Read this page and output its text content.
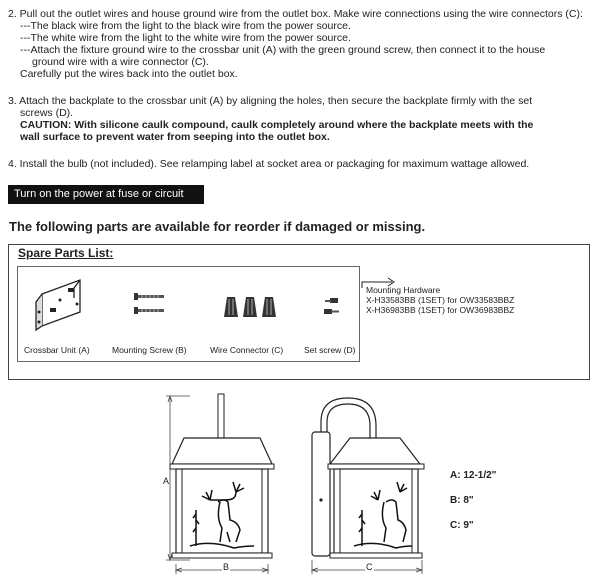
2. Pull out the outlet wires and house ground wire from the outlet box. Make wire connections using the wire connectors (C):
---The black wire from the light to the black wire from the power source.
---The white wire from the light to the white wire from the power source.
---Attach the fixture ground wire to the crossbar unit (A) with the green ground screw, then connect it to the house
ground wire with a wire connector (C).
Carefully put the wires back into the outlet box.
3. Attach the backplate to the crossbar unit (A) by aligning the holes, then secure the backplate firmly with the set
screws (D).
CAUTION: With silicone caulk compound, caulk completely around where the backplate meets with the
wall surface to prevent water from seeping into the outlet box.
4. Install the bulb (not included). See relamping label at socket area or packaging for maximum wattage allowed.
Turn on the power at fuse or circuit box.
The following parts are available for reorder if damaged or missing.
Spare Parts List:
Crossbar Unit (A)	Mounting Screw (B)	Wire Connector (C) Set screw (D)
Mounting Hardware
X-H33583BB (1SET) for OW33583BBZ
X-H36983BB (1SET) for OW36983BBZ
A
B	C
A: 12-1/2"
B: 8"
C: 9"
